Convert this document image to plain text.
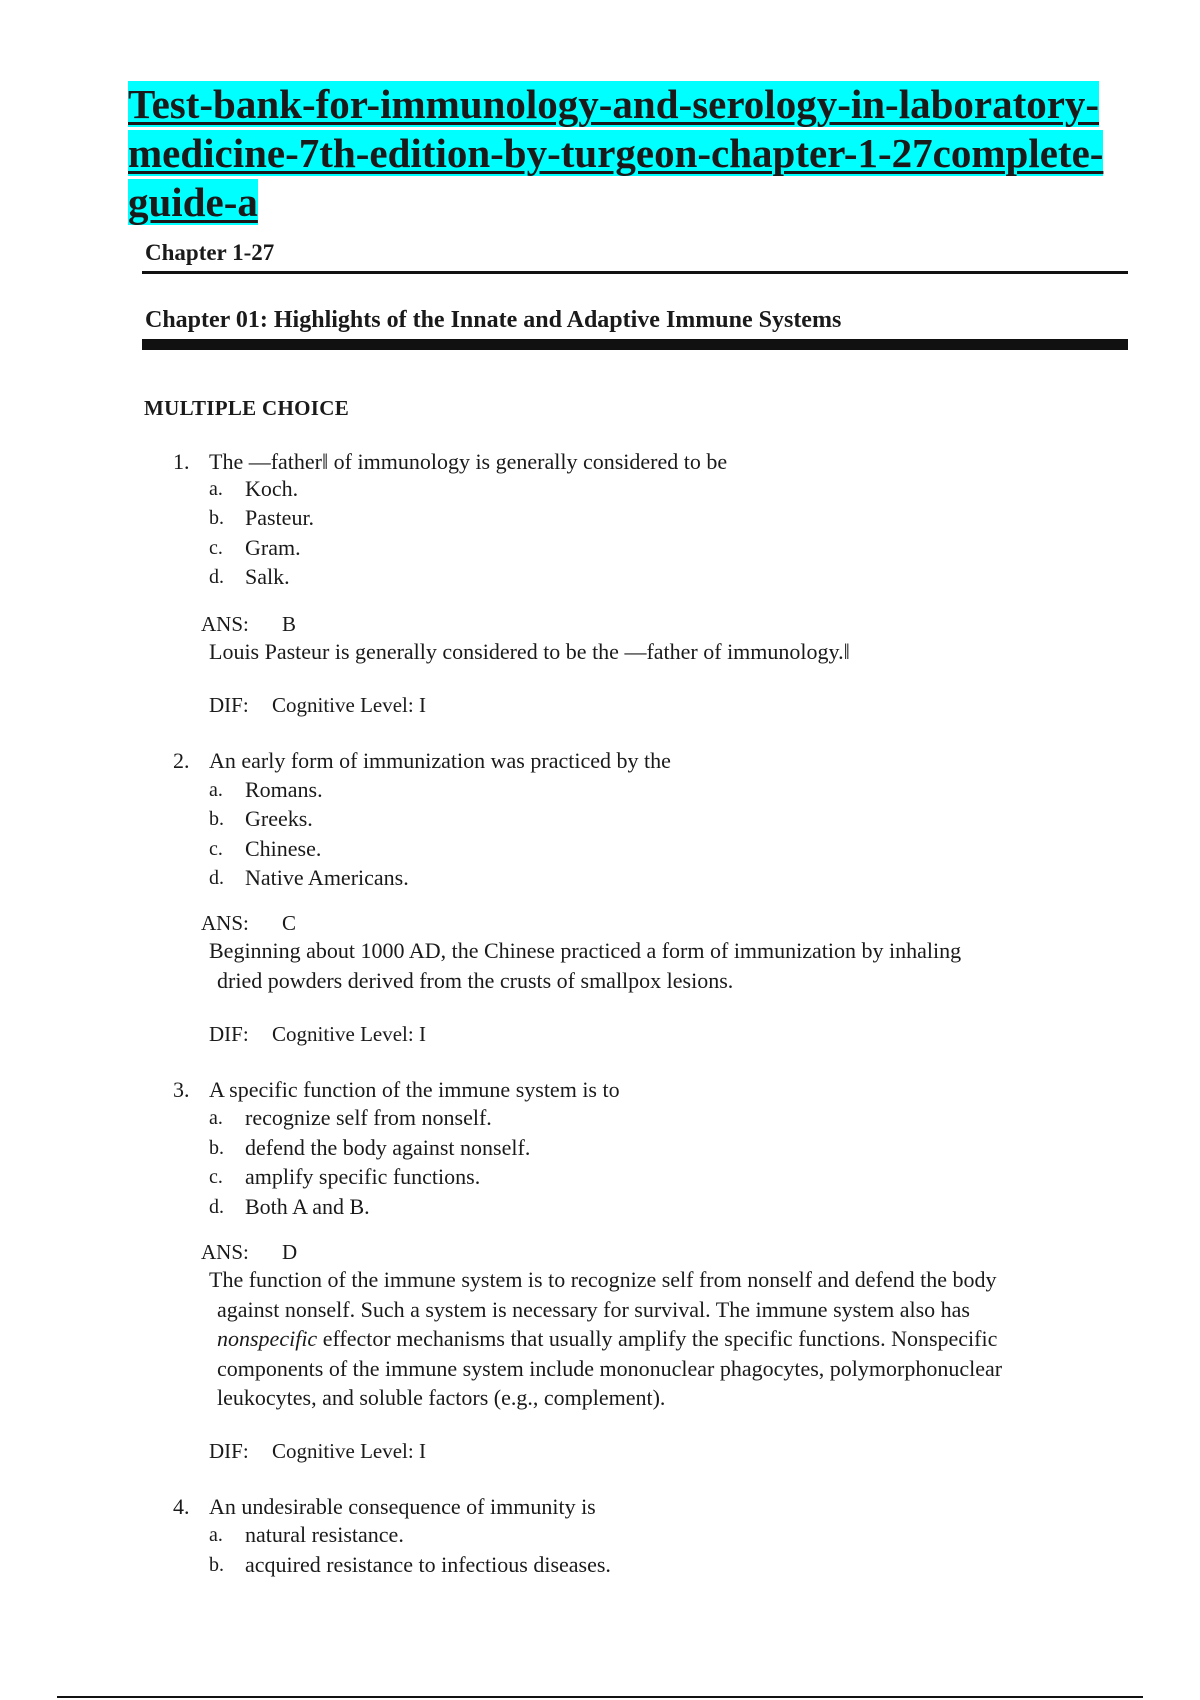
Test-bank-for-immunology-and-serology-in-laboratory-medicine-7th-edition-by-turgeon-chapter-1-27complete-guide-a
Chapter 1-27
Chapter 01: Highlights of the Innate and Adaptive Immune Systems
MULTIPLE CHOICE
1. The —father‖ of immunology is generally considered to be
a. Koch.
b. Pasteur.
c. Gram.
d. Salk.
ANS: B
Louis Pasteur is generally considered to be the —father of immunology.‖
DIF: Cognitive Level: I
2. An early form of immunization was practiced by the
a. Romans.
b. Greeks.
c. Chinese.
d. Native Americans.
ANS: C
Beginning about 1000 AD, the Chinese practiced a form of immunization by inhaling
dried powders derived from the crusts of smallpox lesions.
DIF: Cognitive Level: I
3. A specific function of the immune system is to
a. recognize self from nonself.
b. defend the body against nonself.
c. amplify specific functions.
d. Both A and B.
ANS: D
The function of the immune system is to recognize self from nonself and defend the body
against nonself. Such a system is necessary for survival. The immune system also has
nonspecific effector mechanisms that usually amplify the specific functions. Nonspecific
components of the immune system include mononuclear phagocytes, polymorphonuclear
leukocytes, and soluble factors (e.g., complement).
DIF: Cognitive Level: I
4. An undesirable consequence of immunity is
a. natural resistance.
b. acquired resistance to infectious diseases.
